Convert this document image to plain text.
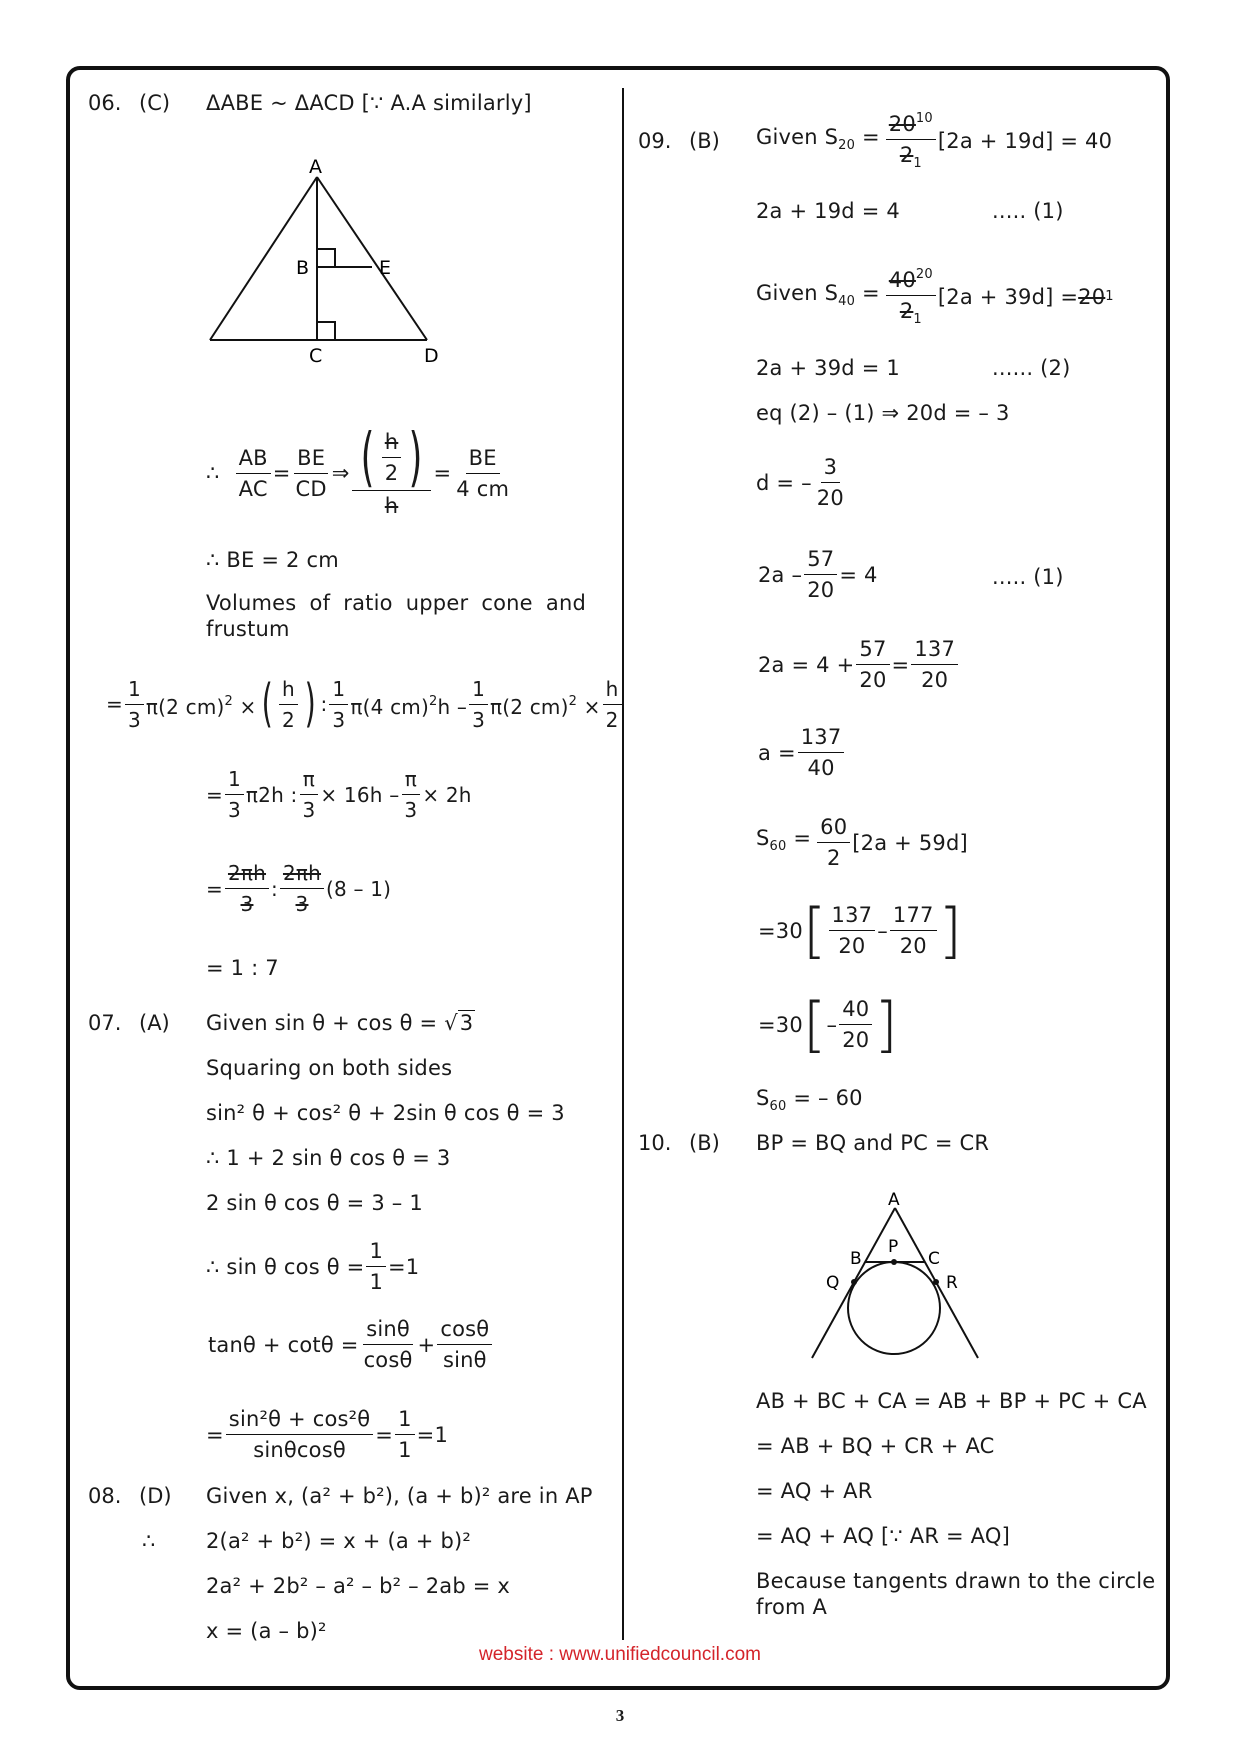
06. (C) ΔABE ~ ΔACD [∵ A.A similarly]
A
B	E
C	D
∴ $\frac{AB}{AC} = \frac{BE}{CD}$ ⇒ ( h
2 )
$h = \frac{BE}{4 cm}$
∴ BE = 2 cm
Volumes of ratio upper cone and frustum
= $\frac{1}{3} \pi(2$ cm)$^2$ × ( h
2 ) :
1
3
π(4 cm)$^2$h –
1
3
π(2 $cm)^2 \times \frac{h}{2}$
= $\frac{1}{3} \pi 2h$ : $\frac{\pi}{3} \times 16h - \frac{\pi}{3} \times 2h$
= $\frac{2\pi h}{3}$ :
2πh
3
(8 – 1)
= 1 : 7
07. (A) Given sin θ + cos θ = √3
Squaring on both sides
sin² θ + cos² θ + 2sin θ cos θ = 3
∴ 1 + 2 sin θ cos θ = 3
2 sin θ cos θ = 3 – 1
∴ sin θ $\cos \theta = \frac{1}{1} =1$
$\tan\theta + \cot\theta = \frac{\sin\theta}{\cos\theta} + \frac{\cos\theta}{\sin\theta}$
= $\frac{\text{sin²θ + cos²θ}}{\sin\theta\cos\theta} = \frac{1}{1} =1$
08. (D) Given x, (a² + b²), (a + b)² are in AP
∴ 2(a² + b²) = x + (a + b)²
2a² + 2b² – a² – b² – 2ab = x
x = (a – b)²
09. (B) Given $S_{20} = \frac{20^{10}}{2_1} [2a + 19d] = 40$
2a + 19d = 4	..... (1)
Given $S_{40} = \frac{40^{20}}{2_1} [2a + 39d] = 20$ 1
2a + 39d = 1	...... (2)
eq (2) – (1) ⇒ 20d = – 3
d = – $\frac{3}{20}$
$2a - \frac{57}{20} = 4$	..... (1)
$2a = 4 + \frac{57}{20} = \frac{137}{20}$
$a = \frac{137}{40}$
$S_{60} = \frac{60}{2} [2a + 59d]$
=30 [ 137
20
–
177
20 ]
=30 [ – $\frac{40}{20}$ ]
$S_{60}$ = – 60
10. (B) BP = BQ and PC = CR
A
B
P
C
Q	R
AB + BC + CA = AB + BP + PC + CA
= AB + BQ + CR + AC
= AQ + AR
= AQ + AQ [∵ AR = AQ]
Because tangents drawn to the circle from A
website : www.unifiedcouncil.com
3
